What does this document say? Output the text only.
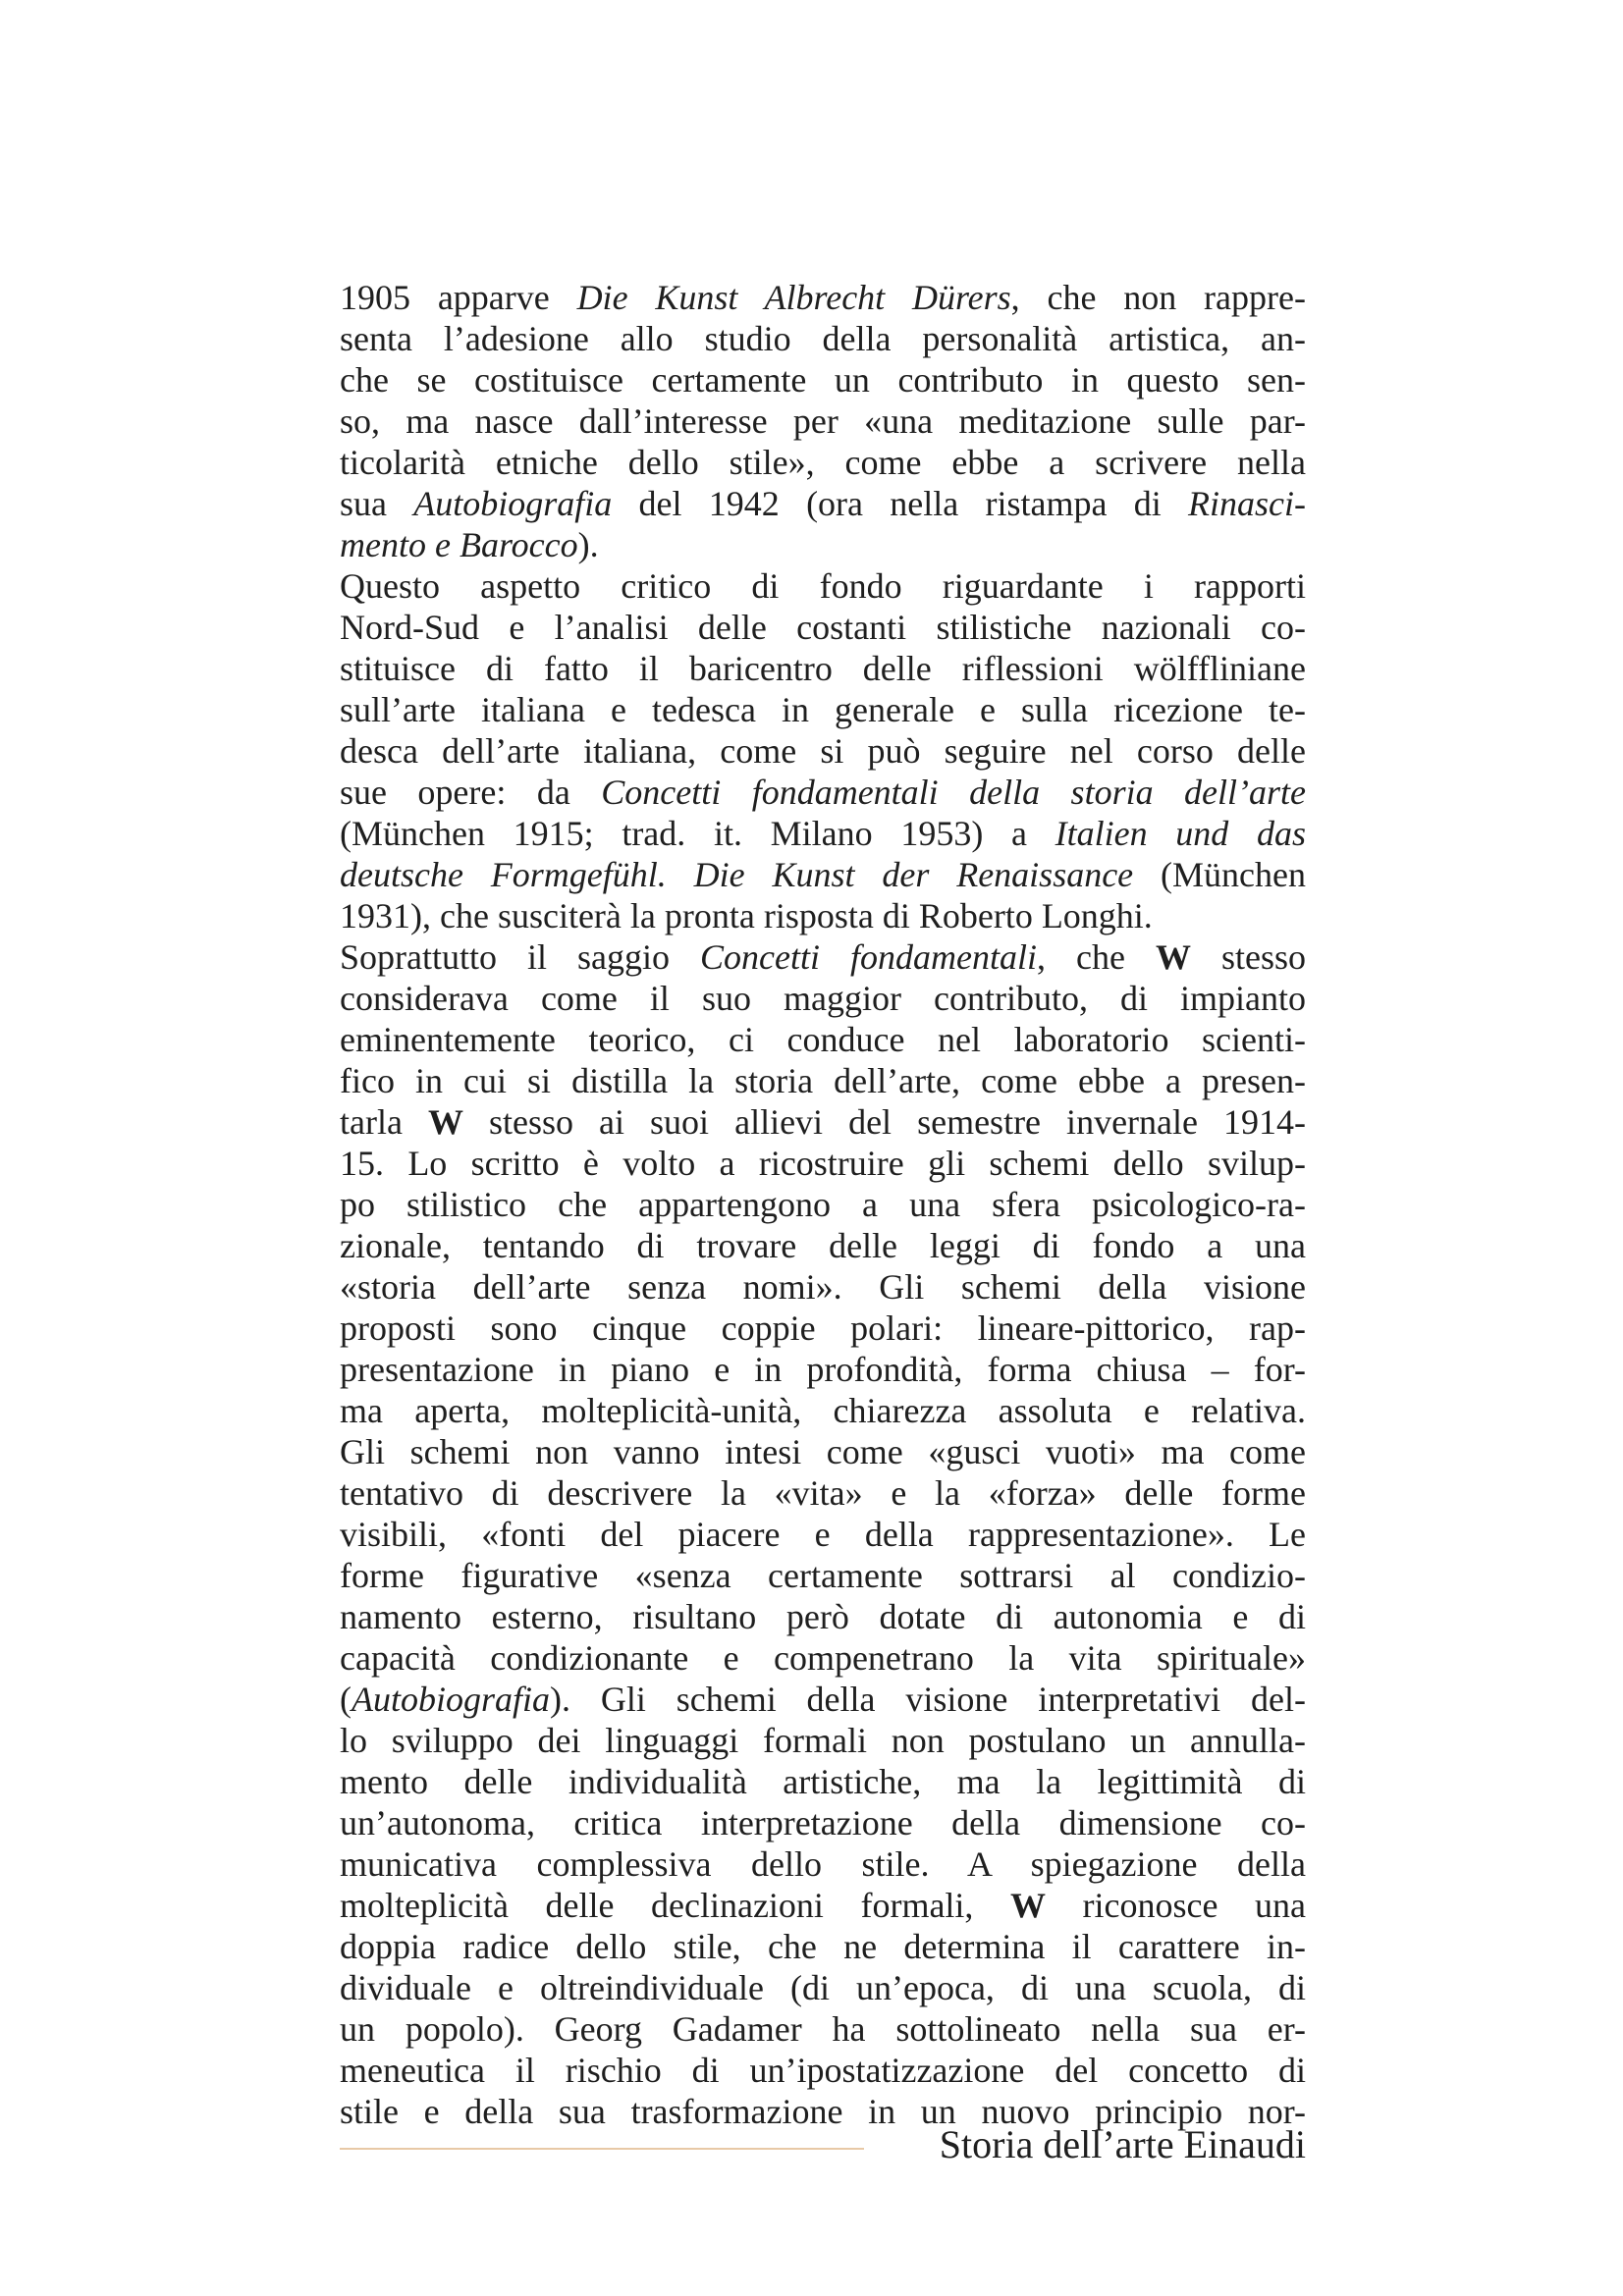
1905 apparve Die Kunst Albrecht Dürers, che non rappre-
senta l’adesione allo studio della personalità artistica, an-
che se costituisce certamente un contributo in questo sen-
so, ma nasce dall’interesse per «una meditazione sulle par-
ticolarità etniche dello stile», come ebbe a scrivere nella
sua Autobiografia del 1942 (ora nella ristampa di Rinasci-
mento e Barocco).
Questo aspetto critico di fondo riguardante i rapporti
Nord-Sud e l’analisi delle costanti stilistiche nazionali co-
stituisce di fatto il baricentro delle riflessioni wölffliniane
sull’arte italiana e tedesca in generale e sulla ricezione te-
desca dell’arte italiana, come si può seguire nel corso delle
sue opere: da Concetti fondamentali della storia dell’arte
(München 1915; trad. it. Milano 1953) a Italien und das
deutsche Formgefühl. Die Kunst der Renaissance (München
1931), che susciterà la pronta risposta di Roberto Longhi.
Soprattutto il saggio Concetti fondamentali, che W stesso
considerava come il suo maggior contributo, di impianto
eminentemente teorico, ci conduce nel laboratorio scienti-
fico in cui si distilla la storia dell’arte, come ebbe a presen-
tarla W stesso ai suoi allievi del semestre invernale 1914-
15. Lo scritto è volto a ricostruire gli schemi dello svilup-
po stilistico che appartengono a una sfera psicologico-ra-
zionale, tentando di trovare delle leggi di fondo a una
«storia dell’arte senza nomi». Gli schemi della visione
proposti sono cinque coppie polari: lineare-pittorico, rap-
presentazione in piano e in profondità, forma chiusa – for-
ma aperta, molteplicità-unità, chiarezza assoluta e relativa.
Gli schemi non vanno intesi come «gusci vuoti» ma come
tentativo di descrivere la «vita» e la «forza» delle forme
visibili, «fonti del piacere e della rappresentazione». Le
forme figurative «senza certamente sottrarsi al condizio-
namento esterno, risultano però dotate di autonomia e di
capacità condizionante e compenetrano la vita spirituale»
(Autobiografia). Gli schemi della visione interpretativi del-
lo sviluppo dei linguaggi formali non postulano un annulla-
mento delle individualità artistiche, ma la legittimità di
un’autonoma, critica interpretazione della dimensione co-
municativa complessiva dello stile. A spiegazione della
molteplicità delle declinazioni formali, W riconosce una
doppia radice dello stile, che ne determina il carattere in-
dividuale e oltreindividuale (di un’epoca, di una scuola, di
un popolo). Georg Gadamer ha sottolineato nella sua er-
meneutica il rischio di un’ipostatizzazione del concetto di
stile e della sua trasformazione in un nuovo principio nor-
Storia dell’arte Einaudi
